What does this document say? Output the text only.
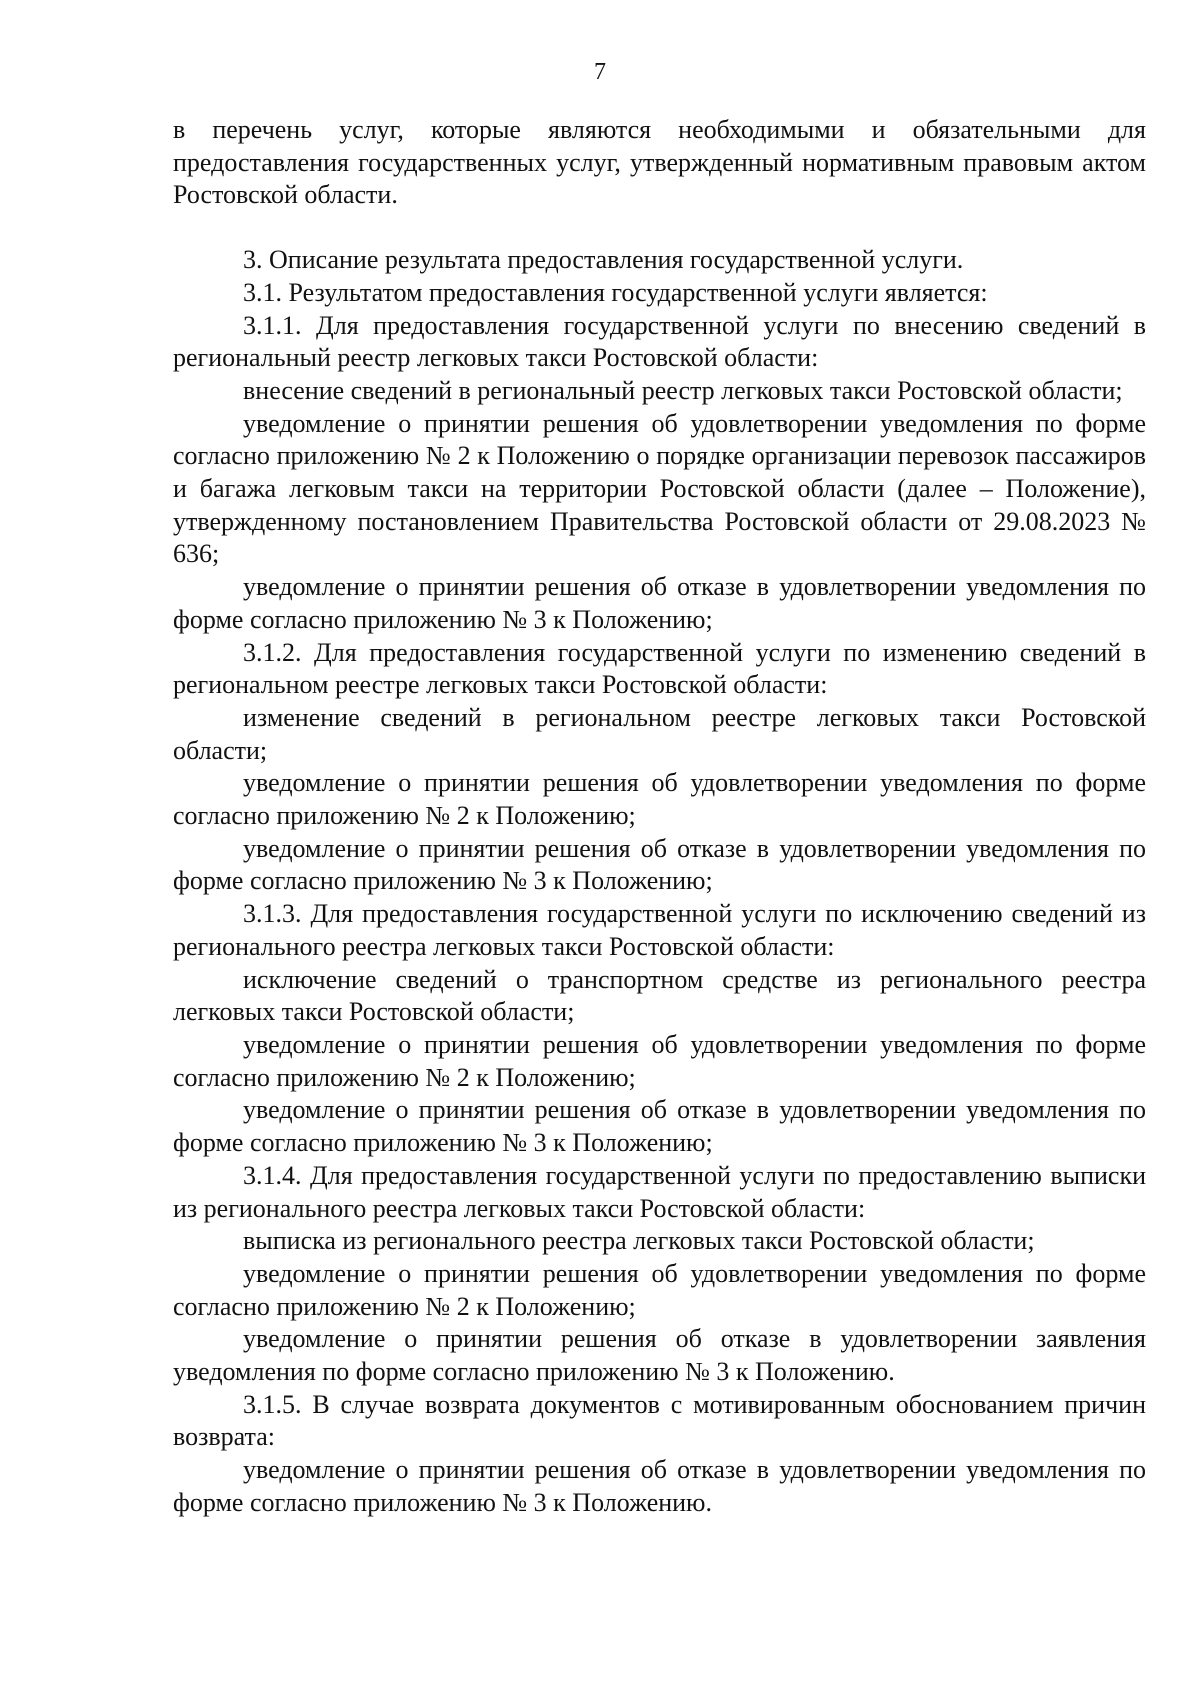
7

в перечень услуг, которые являются необходимыми и обязательными для предоставления государственных услуг, утвержденный нормативным правовым актом Ростовской области.

3. Описание результата предоставления государственной услуги.

3.1. Результатом предоставления государственной услуги является:

3.1.1. Для предоставления государственной услуги по внесению сведений в региональный реестр легковых такси Ростовской области:

внесение сведений в региональный реестр легковых такси Ростовской области;

уведомление о принятии решения об удовлетворении уведомления по форме согласно приложению № 2 к Положению о порядке организации перевозок пассажиров и багажа легковым такси на территории Ростовской области (далее – Положение), утвержденному постановлением Правительства Ростовской области от 29.08.2023 № 636;

уведомление о принятии решения об отказе в удовлетворении уведомления по форме согласно приложению № 3 к Положению;

3.1.2. Для предоставления государственной услуги по изменению сведений в региональном реестре легковых такси Ростовской области:

изменение сведений в региональном реестре легковых такси Ростовской области;

уведомление о принятии решения об удовлетворении уведомления по форме согласно приложению № 2 к Положению;

уведомление о принятии решения об отказе в удовлетворении уведомления по форме согласно приложению № 3 к Положению;

3.1.3. Для предоставления государственной услуги по исключению сведений из регионального реестра легковых такси Ростовской области:

исключение сведений о транспортном средстве из регионального реестра легковых такси Ростовской области;

уведомление о принятии решения об удовлетворении уведомления по форме согласно приложению № 2 к Положению;

уведомление о принятии решения об отказе в удовлетворении уведомления по форме согласно приложению № 3 к Положению;

3.1.4. Для предоставления государственной услуги по предоставлению выписки из регионального реестра легковых такси Ростовской области:

выписка из регионального реестра легковых такси Ростовской области;

уведомление о принятии решения об удовлетворении уведомления по форме согласно приложению № 2 к Положению;

уведомление о принятии решения об отказе в удовлетворении заявления уведомления по форме согласно приложению № 3 к Положению.

3.1.5. В случае возврата документов с мотивированным обоснованием причин возврата:

уведомление о принятии решения об отказе в удовлетворении уведомления по форме согласно приложению № 3 к Положению.
